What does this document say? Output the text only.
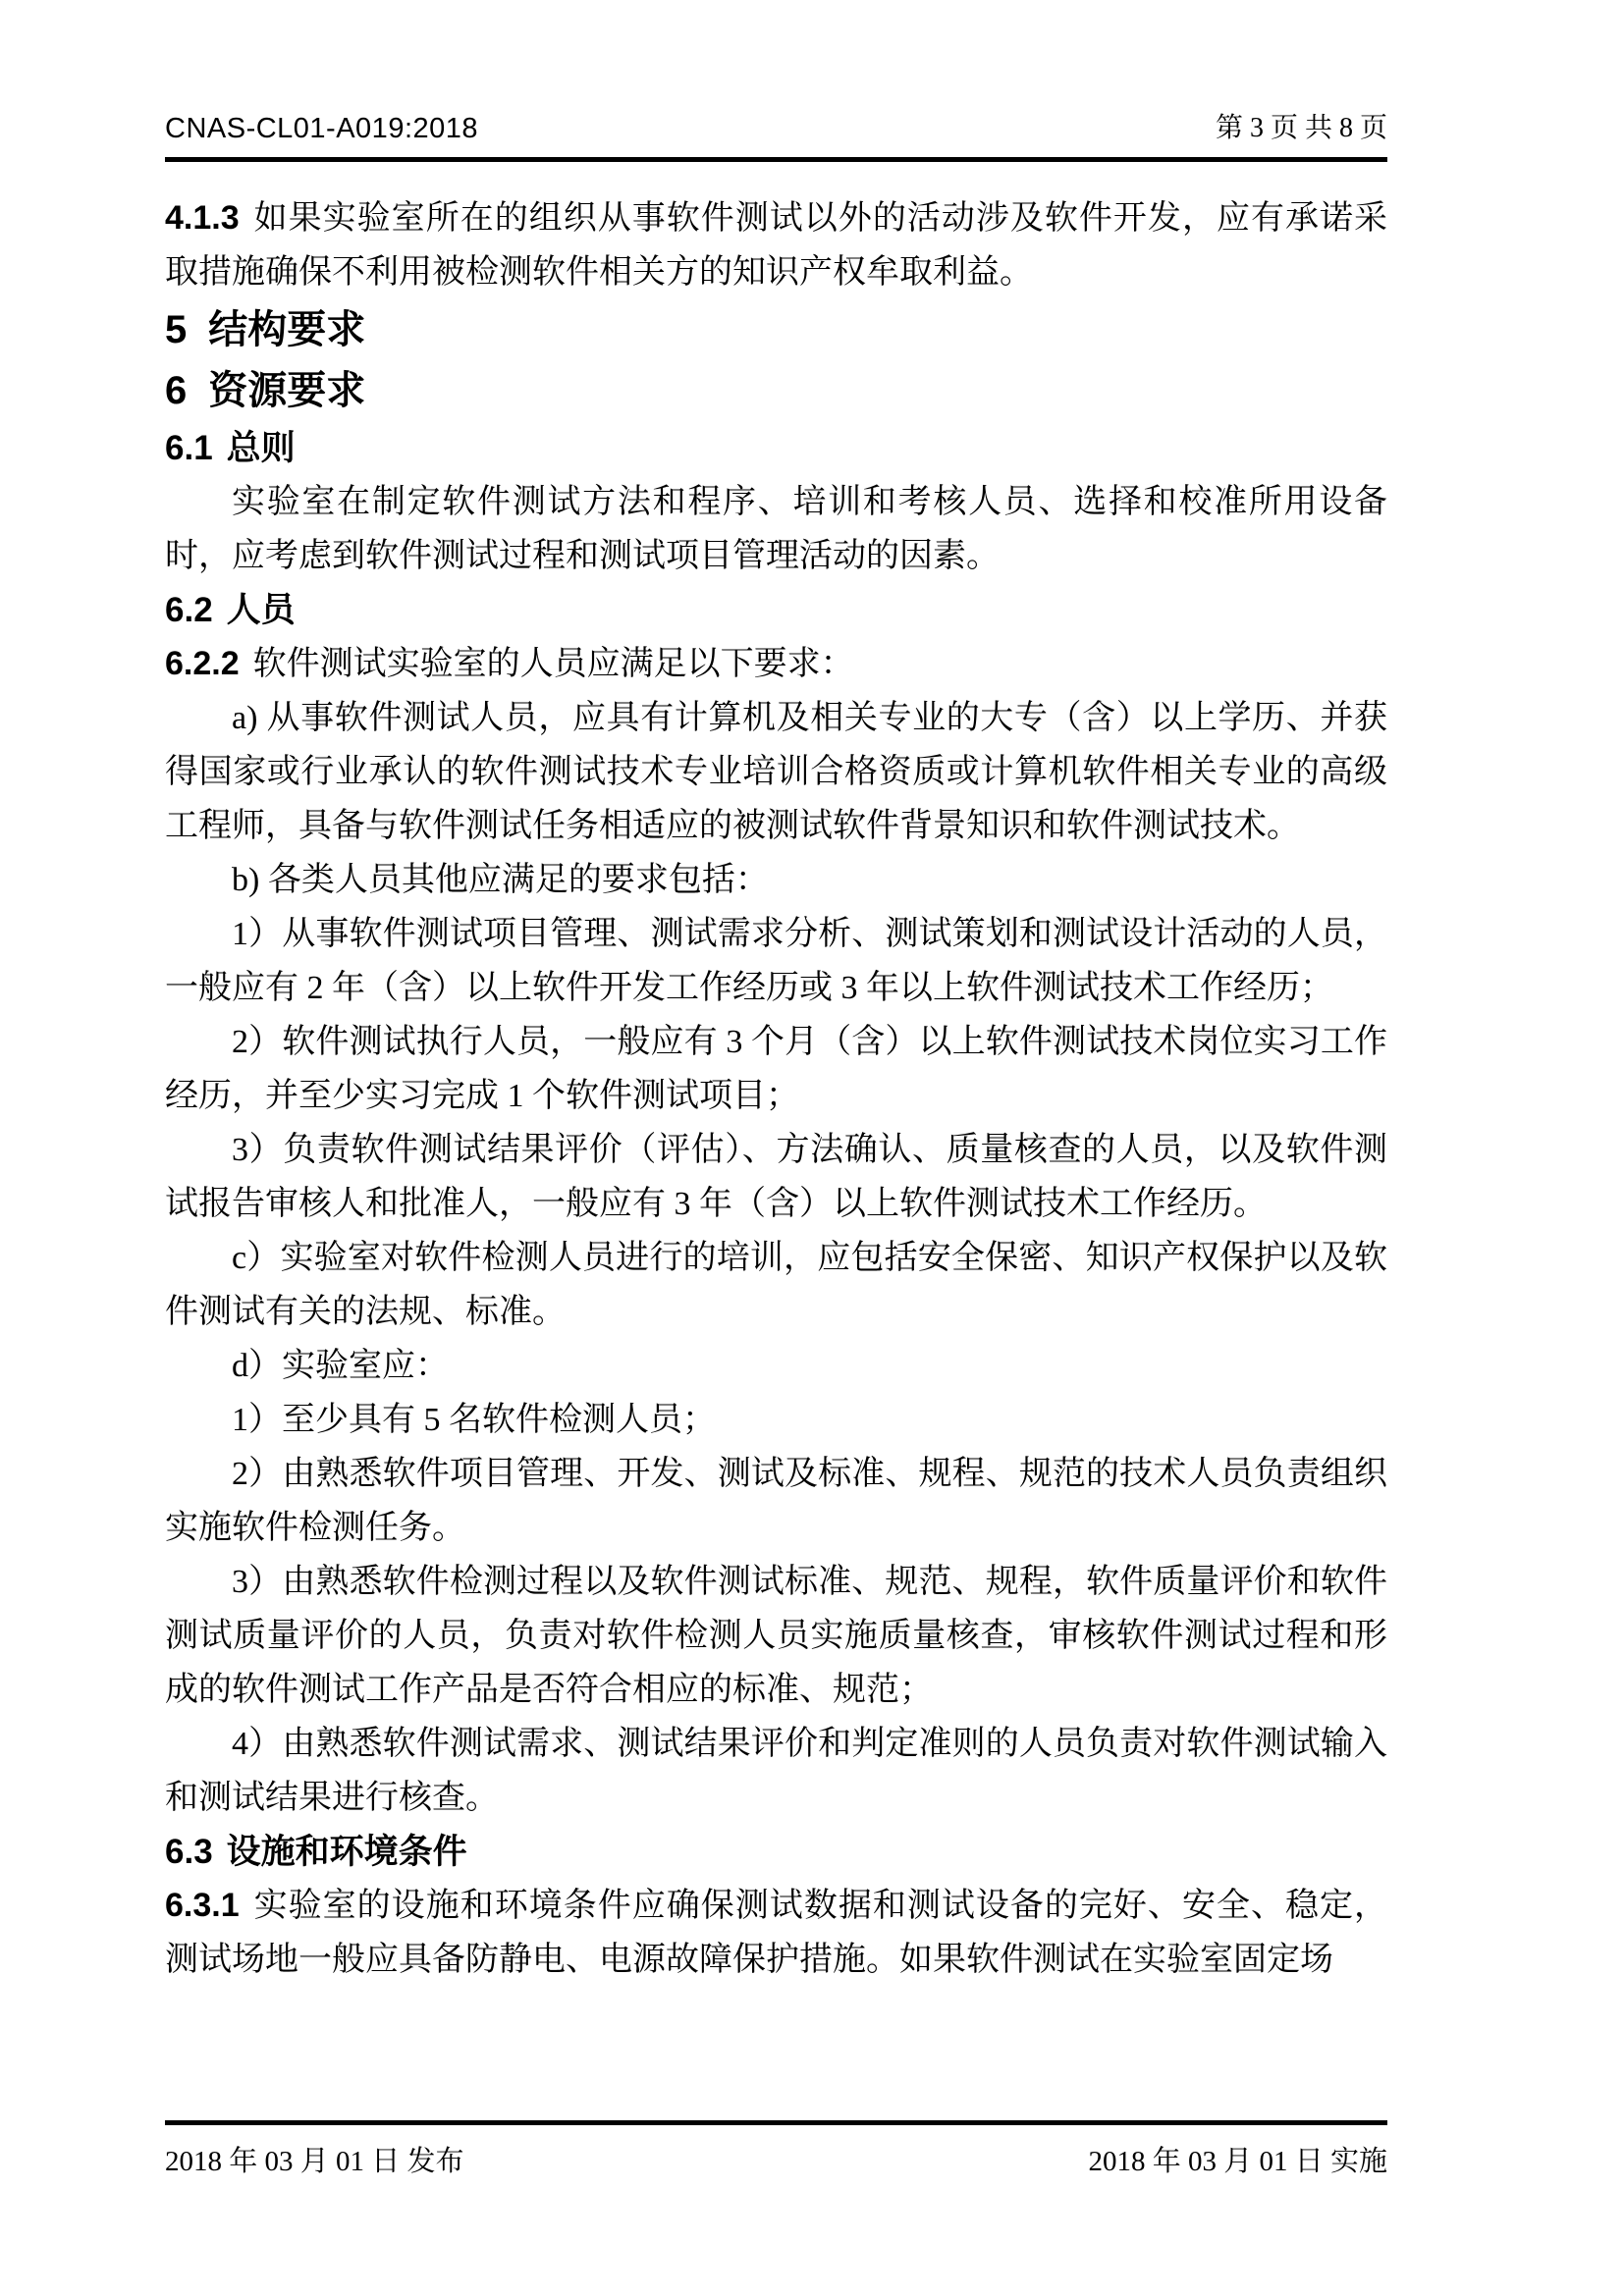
CNAS-CL01-A019:2018	第 3 页 共 8 页

4.1.3 如果实验室所在的组织从事软件测试以外的活动涉及软件开发，应有承诺采取措施确保不利用被检测软件相关方的知识产权牟取利益。

5 结构要求

6 资源要求

6.1 总则

实验室在制定软件测试方法和程序、培训和考核人员、选择和校准所用设备时，应考虑到软件测试过程和测试项目管理活动的因素。

6.2 人员

6.2.2 软件测试实验室的人员应满足以下要求：

a) 从事软件测试人员，应具有计算机及相关专业的大专（含）以上学历、并获得国家或行业承认的软件测试技术专业培训合格资质或计算机软件相关专业的高级工程师，具备与软件测试任务相适应的被测试软件背景知识和软件测试技术。

b) 各类人员其他应满足的要求包括：

1）从事软件测试项目管理、测试需求分析、测试策划和测试设计活动的人员，一般应有 2 年（含）以上软件开发工作经历或 3 年以上软件测试技术工作经历；

2）软件测试执行人员，一般应有 3 个月（含）以上软件测试技术岗位实习工作经历，并至少实习完成 1 个软件测试项目；

3）负责软件测试结果评价（评估）、方法确认、质量核查的人员，以及软件测试报告审核人和批准人，一般应有 3 年（含）以上软件测试技术工作经历。

c）实验室对软件检测人员进行的培训，应包括安全保密、知识产权保护以及软件测试有关的法规、标准。

d）实验室应：

1）至少具有 5 名软件检测人员；

2）由熟悉软件项目管理、开发、测试及标准、规程、规范的技术人员负责组织实施软件检测任务。

3）由熟悉软件检测过程以及软件测试标准、规范、规程，软件质量评价和软件测试质量评价的人员，负责对软件检测人员实施质量核查，审核软件测试过程和形成的软件测试工作产品是否符合相应的标准、规范；

4）由熟悉软件测试需求、测试结果评价和判定准则的人员负责对软件测试输入和测试结果进行核查。

6.3 设施和环境条件

6.3.1 实验室的设施和环境条件应确保测试数据和测试设备的完好、安全、稳定，测试场地一般应具备防静电、电源故障保护措施。如果软件测试在实验室固定场

2018 年 03 月 01 日 发布	2018 年 03 月 01 日 实施
